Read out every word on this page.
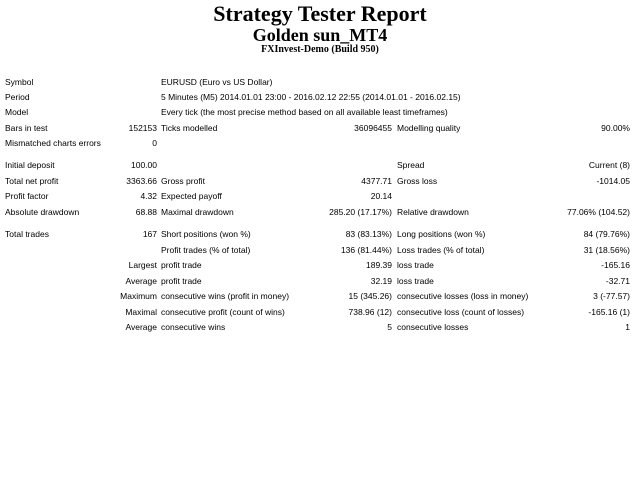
Strategy Tester Report
Golden sun_MT4
FXInvest-Demo (Build 950)
Symbol	EURUSD (Euro vs US Dollar)
Period	5 Minutes (M5) 2014.01.01 23:00 - 2016.02.12 22:55 (2014.01.01 - 2016.02.15)
Model	Every tick (the most precise method based on all available least timeframes)
Bars in test	152153 Ticks modelled	36096455 Modelling quality	90.00%
Mismatched charts errors	0
Initial deposit	100.00	Spread	Current (8)
Total net profit	3363.66 Gross profit	4377.71 Gross loss	-1014.05
Profit factor	4.32 Expected payoff	20.14
Absolute drawdown	68.88 Maximal drawdown	285.20 (17.17%) Relative drawdown	77.06% (104.52)
Total trades	167 Short positions (won %)	83 (83.13%) Long positions (won %)	84 (79.76%)
Profit trades (% of total)	136 (81.44%) Loss trades (% of total)	31 (18.56%)
Largest profit trade	189.39 loss trade	-165.16
Average profit trade	32.19 loss trade	-32.71
Maximum consecutive wins (profit in money)	15 (345.26) consecutive losses (loss in money)	3 (-77.57)
Maximal consecutive profit (count of wins)	738.96 (12) consecutive loss (count of losses)	-165.16 (1)
Average consecutive wins	5 consecutive losses	1
